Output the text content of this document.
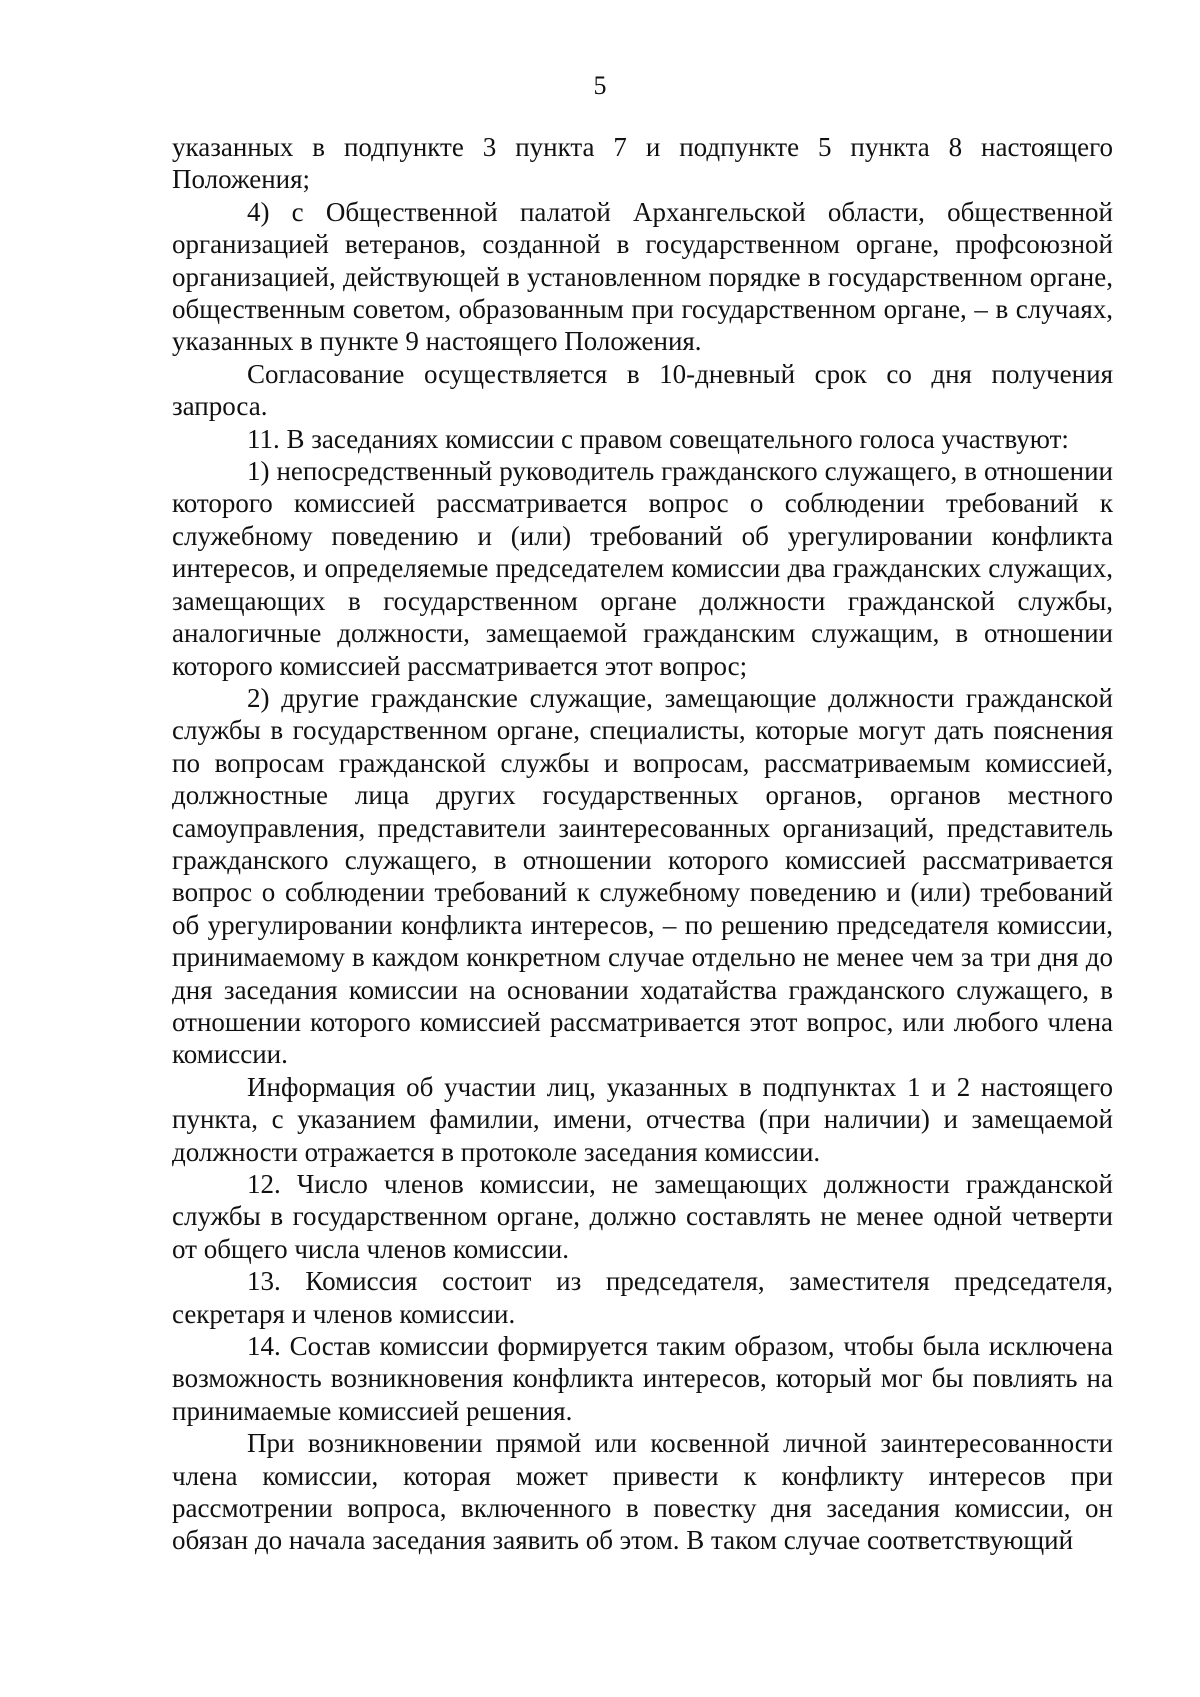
5

указанных в подпункте 3 пункта 7 и подпункте 5 пункта 8 настоящего Положения;

4) с Общественной палатой Архангельской области, общественной организацией ветеранов, созданной в государственном органе, профсоюзной организацией, действующей в установленном порядке в государственном органе, общественным советом, образованным при государственном органе, – в случаях, указанных в пункте 9 настоящего Положения.

Согласование осуществляется в 10-дневный срок со дня получения запроса.

11. В заседаниях комиссии с правом совещательного голоса участвуют:

1) непосредственный руководитель гражданского служащего, в отношении которого комиссией рассматривается вопрос о соблюдении требований к служебному поведению и (или) требований об урегулировании конфликта интересов, и определяемые председателем комиссии два гражданских служащих, замещающих в государственном органе должности гражданской службы, аналогичные должности, замещаемой гражданским служащим, в отношении которого комиссией рассматривается этот вопрос;

2) другие гражданские служащие, замещающие должности гражданской службы в государственном органе, специалисты, которые могут дать пояснения по вопросам гражданской службы и вопросам, рассматриваемым комиссией, должностные лица других государственных органов, органов местного самоуправления, представители заинтересованных организаций, представитель гражданского служащего, в отношении которого комиссией рассматривается вопрос о соблюдении требований к служебному поведению и (или) требований об урегулировании конфликта интересов, – по решению председателя комиссии, принимаемому в каждом конкретном случае отдельно не менее чем за три дня до дня заседания комиссии на основании ходатайства гражданского служащего, в отношении которого комиссией рассматривается этот вопрос, или любого члена комиссии.

Информация об участии лиц, указанных в подпунктах 1 и 2 настоящего пункта, с указанием фамилии, имени, отчества (при наличии) и замещаемой должности отражается в протоколе заседания комиссии.

12. Число членов комиссии, не замещающих должности гражданской службы в государственном органе, должно составлять не менее одной четверти от общего числа членов комиссии.

13. Комиссия состоит из председателя, заместителя председателя, секретаря и членов комиссии.

14. Состав комиссии формируется таким образом, чтобы была исключена возможность возникновения конфликта интересов, который мог бы повлиять на принимаемые комиссией решения.

При возникновении прямой или косвенной личной заинтересованности члена комиссии, которая может привести к конфликту интересов при рассмотрении вопроса, включенного в повестку дня заседания комиссии, он обязан до начала заседания заявить об этом. В таком случае соответствующий
